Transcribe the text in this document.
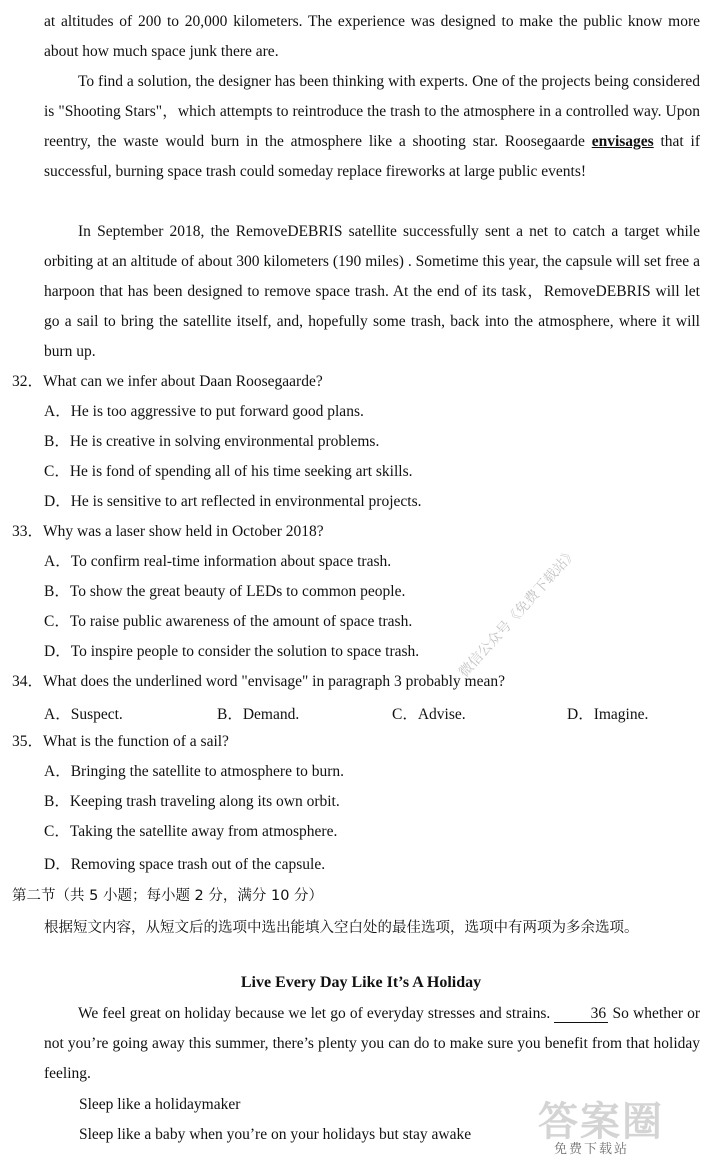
at altitudes of 200 to 20,000 kilometers. The experience was designed to make the public know more about how much space junk there are.
To find a solution, the designer has been thinking with experts. One of the projects being considered is "Shooting Stars"，which attempts to reintroduce the trash to the atmosphere in a controlled way. Upon reentry, the waste would burn in the atmosphere like a shooting star. Roosegaarde envisages that if successful, burning space trash could someday replace fireworks at large public events!
In September 2018, the RemoveDEBRIS satellite successfully sent a net to catch a target while orbiting at an altitude of about 300 kilometers (190 miles) . Sometime this year, the capsule will set free a harpoon that has been designed to remove space trash. At the end of its task，RemoveDEBRIS will let go a sail to bring the satellite itself, and, hopefully some trash, back into the atmosphere, where it will burn up.
32．What can we infer about Daan Roosegaarde?
A．He is too aggressive to put forward good plans.
B．He is creative in solving environmental problems.
C．He is fond of spending all of his time seeking art skills.
D．He is sensitive to art reflected in environmental projects.
33．Why was a laser show held in October 2018?
A．To confirm real-time information about space trash.
B．To show the great beauty of LEDs to common people.
C．To raise public awareness of the amount of space trash.
D．To inspire people to consider the solution to space trash.
34．What does the underlined word "envisage" in paragraph 3 probably mean?
A．Suspect.	B．Demand.	C．Advise.	D．Imagine.
35．What is the function of a sail?
A．Bringing the satellite to atmosphere to burn.
B．Keeping trash traveling along its own orbit.
C．Taking the satellite away from atmosphere.
D．Removing space trash out of the capsule.
第二节（共 5 小题；每小题 2 分，满分 10 分）
根据短文内容，从短文后的选项中选出能填入空白处的最佳选项，选项中有两项为多余选项。
Live Every Day Like It’s A Holiday
We feel great on holiday because we let go of everyday stresses and strains.	36 So whether or not you’re going away this summer, there’s plenty you can do to make sure you benefit from that holiday feeling.
Sleep like a holidaymaker
Sleep like a baby when you’re on your holidays but stay awake
微信公众号《免费下载站》
答案圈
免费下载站
